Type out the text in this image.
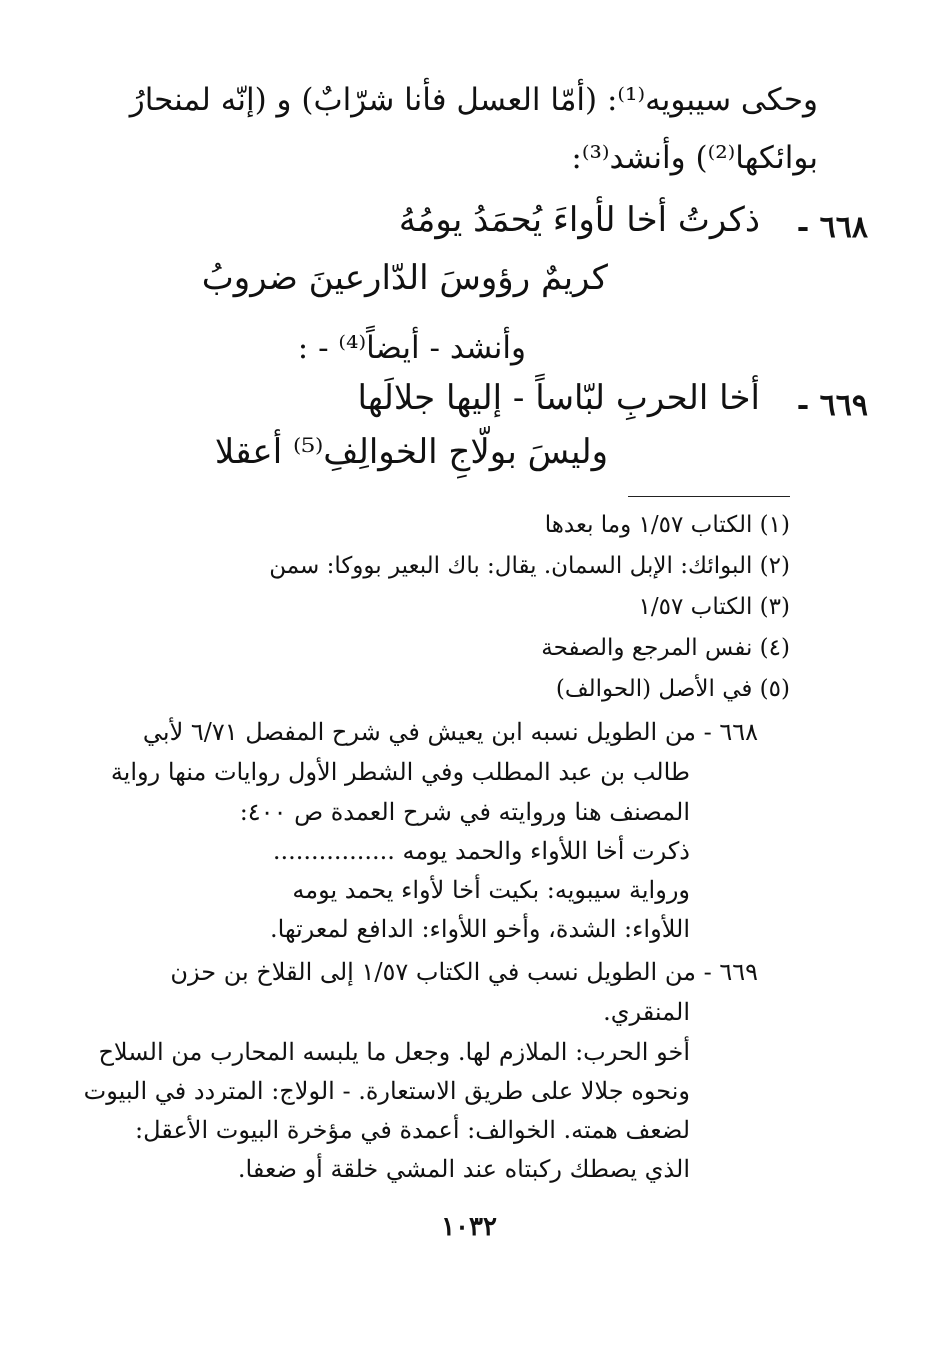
وحكى سيبويه⁽¹⁾: (أمّا العسل فأنا شرّابٌ) و (إنّه لمنحارُ
بوائكها⁽²⁾) وأنشد⁽³⁾:
٦٦٨ -
ذكرتُ أخا لأواءَ يُحمَدُ يومُهُ
كريمٌ رؤوسَ الدّارعينَ ضروبُ
وأنشد - أيضاً⁽⁴⁾ - :
٦٦٩ -
أخا الحربِ لبّاساً - إليها جلالَها
وليسَ بولّاجِ الخوالِفِ⁽⁵⁾ أعقلا
(١) الكتاب ١/٥٧ وما بعدها
(٢) البوائك: الإبل السمان. يقال: باك البعير بووكا: سمن
(٣) الكتاب ١/٥٧
(٤) نفس المرجع والصفحة
(٥) في الأصل (الحوالف)
٦٦٨ - من الطويل نسبه ابن يعيش في شرح المفصل ٦/٧١ لأبي
طالب بن عبد المطلب وفي الشطر الأول روايات منها رواية
المصنف هنا وروايته في شرح العمدة ص ٤٠٠:
ذكرت أخا اللأواء والحمد يومه ................
ورواية سيبويه: بكيت أخا لأواء يحمد يومه
اللأواء: الشدة، وأخو اللأواء: الدافع لمعرتها.
٦٦٩ - من الطويل نسب في الكتاب ١/٥٧ إلى القلاخ بن حزن
المنقري.
أخو الحرب: الملازم لها. وجعل ما يلبسه المحارب من السلاح
ونحوه جلالا على طريق الاستعارة. - الولاج: المتردد في البيوت
لضعف همته. الخوالف: أعمدة في مؤخرة البيوت الأعقل:
الذي يصطك ركبتاه عند المشي خلقة أو ضعفا.
١٠٣٢
